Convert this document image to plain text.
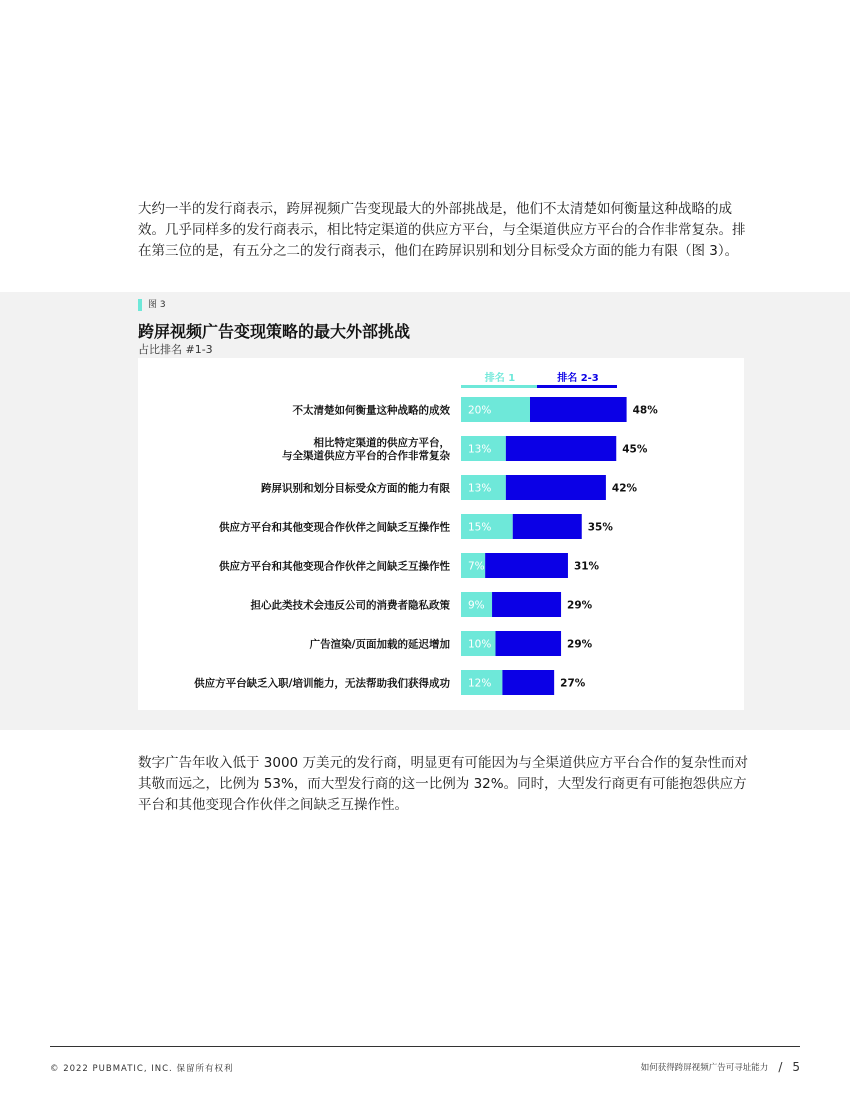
大约一半的发行商表示，跨屏视频广告变现最大的外部挑战是，他们不太清楚如何衡量这种战略的成效。几乎同样多的发行商表示，相比特定渠道的供应方平台，与全渠道供应方平台的合作非常复杂。排在第三位的是，有五分之二的发行商表示，他们在跨屏识别和划分目标受众方面的能力有限（图 3）。

图 3
跨屏视频广告变现策略的最大外部挑战
占比排名 #1-3
排名 1	排名 2-3
不太清楚如何衡量这种战略的成效 20%	48%
相比特定渠道的供应方平台，
与全渠道供应方平台的合作非常复杂
13%	45%
跨屏识别和划分目标受众方面的能力有限 13%	42%
供应方平台和其他变现合作伙伴之间缺乏互操作性 15%	35%
供应方平台和其他变现合作伙伴之间缺乏互操作性 7%	31%
担心此类技术会违反公司的消费者隐私政策 9%	29%
广告渲染/页面加载的延迟增加 10%	29%
供应方平台缺乏入职/培训能力，无法帮助我们获得成功 12%	27%

数字广告年收入低于 3000 万美元的发行商，明显更有可能因为与全渠道供应方平台合作的复杂性而对其敬而远之，比例为 53%，而大型发行商的这一比例为 32%。同时，大型发行商更有可能抱怨供应方平台和其他变现合作伙伴之间缺乏互操作性。

© 2022 PUBMATIC, INC. 保留所有权利	如何获得跨屏视频广告可寻址能力 / 5
